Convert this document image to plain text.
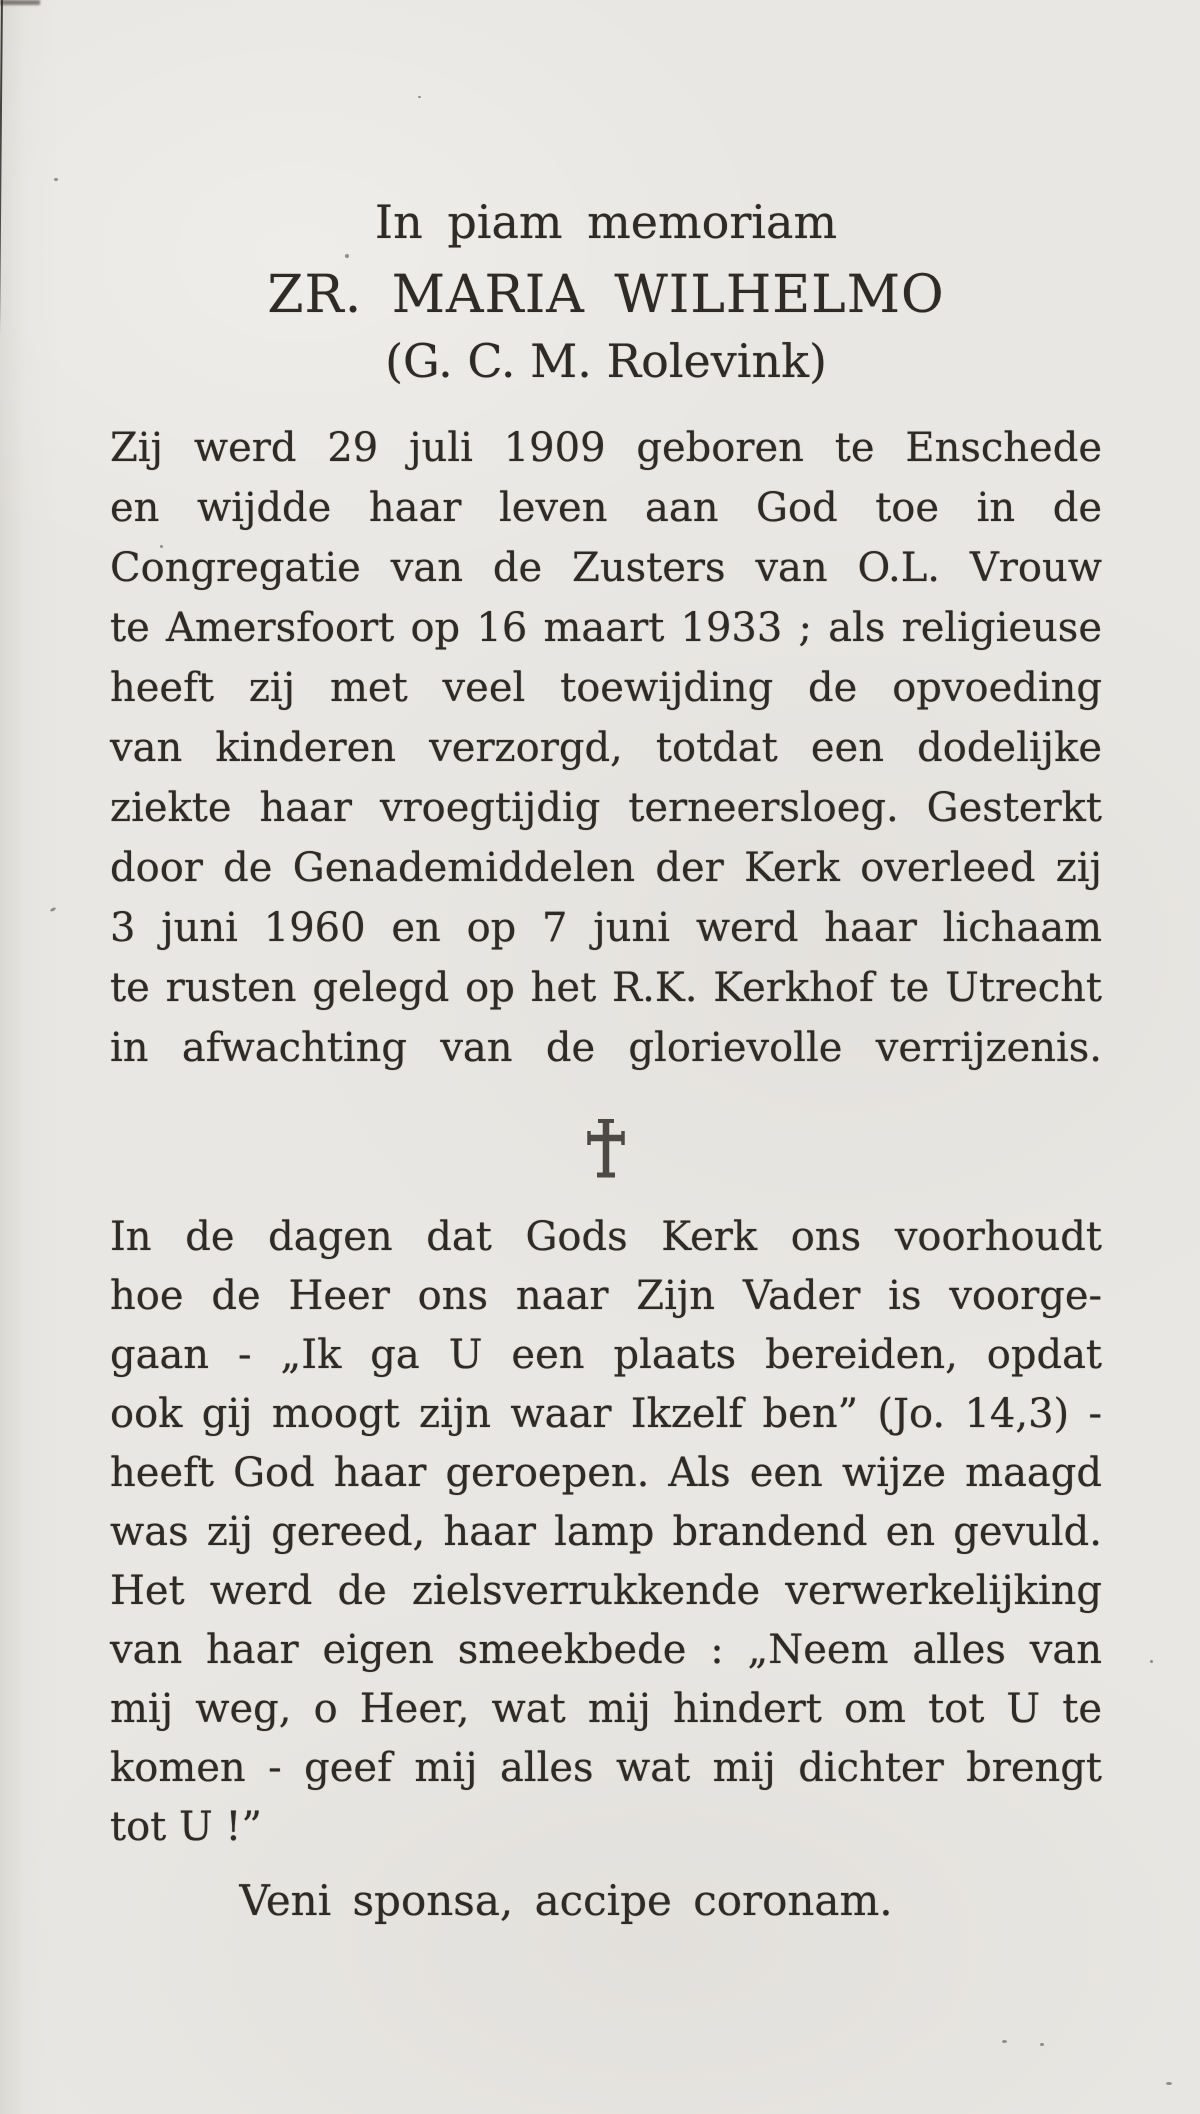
In piam memoriam
ZR. MARIA WILHELMO
(G. C. M. Rolevink)
Zij werd 29 juli 1909 geboren te Enschede
en wijdde haar leven aan God toe in de
Congregatie van de Zusters van O.L. Vrouw
te Amersfoort op 16 maart 1933 ; als religieuse
heeft zij met veel toewijding de opvoeding
van kinderen verzorgd, totdat een dodelijke
ziekte haar vroegtijdig terneersloeg. Gesterkt
door de Genademiddelen der Kerk overleed zij
3 juni 1960 en op 7 juni werd haar lichaam
te rusten gelegd op het R.K. Kerkhof te Utrecht
in afwachting van de glorievolle verrijzenis.
In de dagen dat Gods Kerk ons voorhoudt
hoe de Heer ons naar Zijn Vader is voorge-
gaan - „Ik ga U een plaats bereiden, opdat
ook gij moogt zijn waar Ikzelf ben” (Jo. 14,3) -
heeft God haar geroepen. Als een wijze maagd
was zij gereed, haar lamp brandend en gevuld.
Het werd de zielsverrukkende verwerkelijking
van haar eigen smeekbede : „Neem alles van
mij weg, o Heer, wat mij hindert om tot U te
komen - geef mij alles wat mij dichter brengt
tot U !”
Veni sponsa, accipe coronam.
